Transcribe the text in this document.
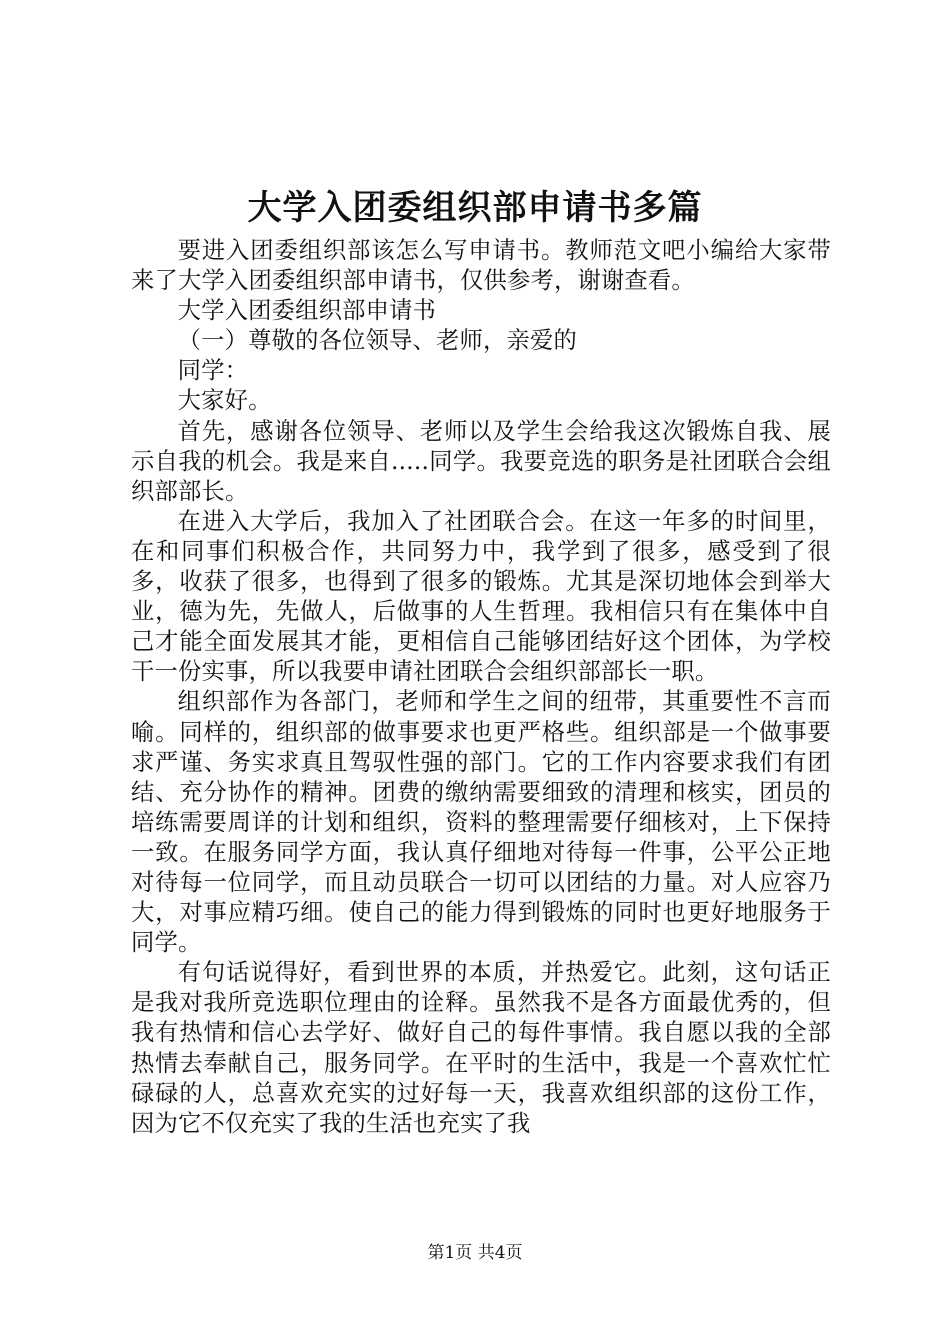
大学入团委组织部申请书多篇

要进入团委组织部该怎么写申请书。教师范文吧小编给大家带来了大学入团委组织部申请书，仅供参考，谢谢查看。

大学入团委组织部申请书

（一）尊敬的各位领导、老师，亲爱的

同学：

大家好。

首先，感谢各位领导、老师以及学生会给我这次锻炼自我、展示自我的机会。我是来自.....同学。我要竞选的职务是社团联合会组织部部长。

在进入大学后，我加入了社团联合会。在这一年多的时间里，在和同事们积极合作，共同努力中，我学到了很多，感受到了很多，收获了很多，也得到了很多的锻炼。尤其是深切地体会到举大业，德为先，先做人，后做事的人生哲理。我相信只有在集体中自己才能全面发展其才能，更相信自己能够团结好这个团体，为学校干一份实事，所以我要申请社团联合会组织部部长一职。

组织部作为各部门，老师和学生之间的纽带，其重要性不言而喻。同样的，组织部的做事要求也更严格些。组织部是一个做事要求严谨、务实求真且驾驭性强的部门。它的工作内容要求我们有团结、充分协作的精神。团费的缴纳需要细致的清理和核实，团员的培练需要周详的计划和组织，资料的整理需要仔细核对，上下保持一致。在服务同学方面，我认真仔细地对待每一件事，公平公正地对待每一位同学，而且动员联合一切可以团结的力量。对人应容乃大，对事应精巧细。使自己的能力得到锻炼的同时也更好地服务于同学。

有句话说得好，看到世界的本质，并热爱它。此刻，这句话正是我对我所竞选职位理由的诠释。虽然我不是各方面最优秀的，但我有热情和信心去学好、做好自己的每件事情。我自愿以我的全部热情去奉献自己，服务同学。在平时的生活中，我是一个喜欢忙忙碌碌的人，总喜欢充实的过好每一天，我喜欢组织部的这份工作，因为它不仅充实了我的生活也充实了我

第1页 共4页
